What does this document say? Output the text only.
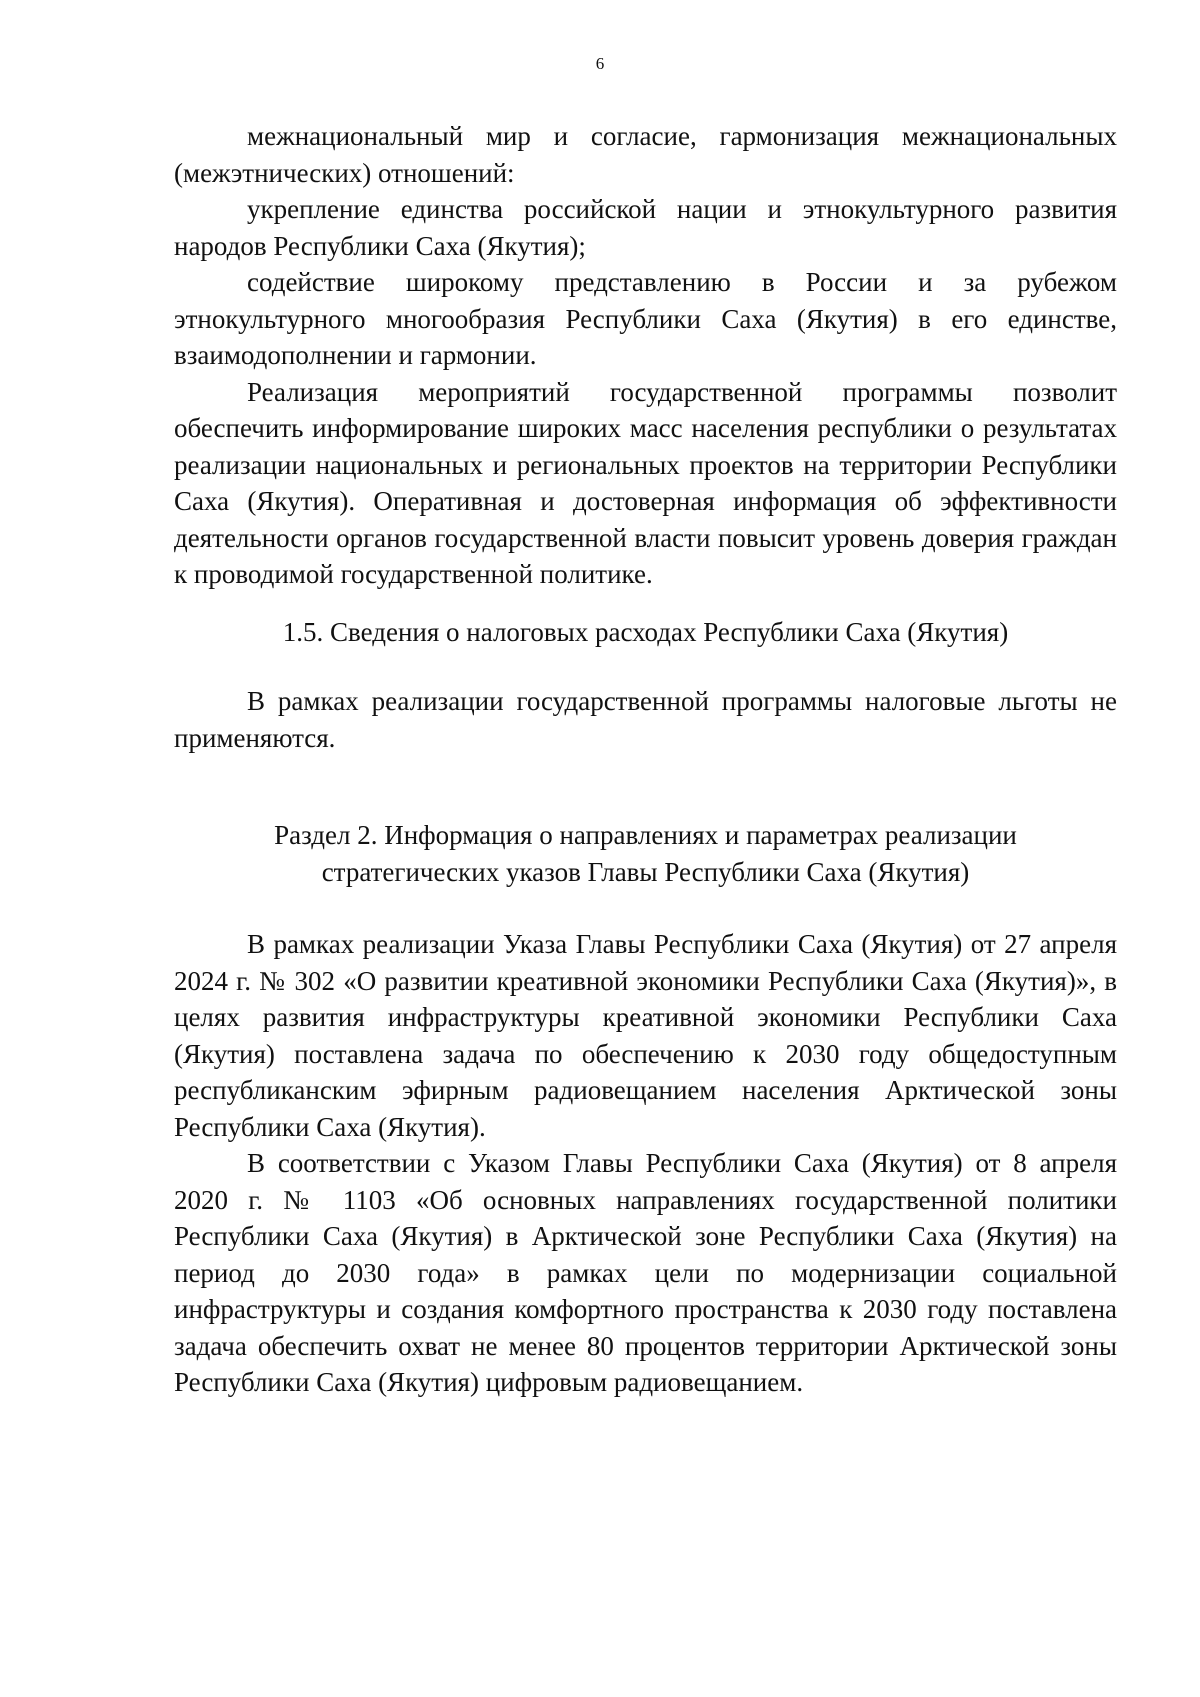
6

межнациональный мир и согласие, гармонизация межнациональных (межэтнических) отношений:

укрепление единства российской нации и этнокультурного развития народов Республики Саха (Якутия);

содействие широкому представлению в России и за рубежом этнокультурного многообразия Республики Саха (Якутия) в его единстве, взаимодополнении и гармонии.

Реализация мероприятий государственной программы позволит обеспечить информирование широких масс населения республики о результатах реализации национальных и региональных проектов на территории Республики Саха (Якутия). Оперативная и достоверная информация об эффективности деятельности органов государственной власти повысит уровень доверия граждан к проводимой государственной политике.

1.5. Сведения о налоговых расходах Республики Саха (Якутия)

В рамках реализации государственной программы налоговые льготы не применяются.

Раздел 2. Информация о направлениях и параметрах реализации
стратегических указов Главы Республики Саха (Якутия)

В рамках реализации Указа Главы Республики Саха (Якутия) от 27 апреля 2024 г. № 302 «О развитии креативной экономики Республики Саха (Якутия)», в целях развития инфраструктуры креативной экономики Республики Саха (Якутия) поставлена задача по обеспечению к 2030 году общедоступным республиканским эфирным радиовещанием населения Арктической зоны Республики Саха (Якутия).

В соответствии с Указом Главы Республики Саха (Якутия) от 8 апреля 2020 г. № 1103 «Об основных направлениях государственной политики Республики Саха (Якутия) в Арктической зоне Республики Саха (Якутия) на период до 2030 года» в рамках цели по модернизации социальной инфраструктуры и создания комфортного пространства к 2030 году поставлена задача обеспечить охват не менее 80 процентов территории Арктической зоны Республики Саха (Якутия) цифровым радиовещанием.
